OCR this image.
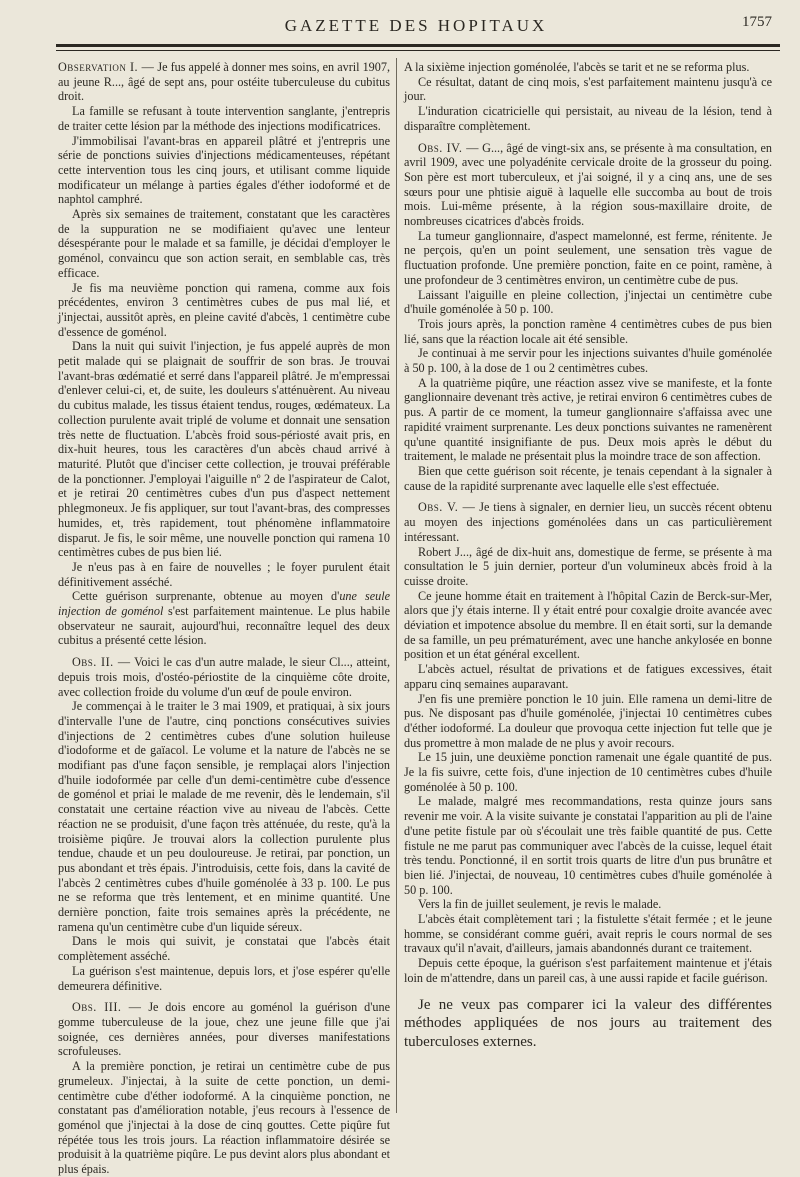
GAZETTE DES HOPITAUX	1757

Observation I. — Je fus appelé à donner mes soins, en avril 1907, au jeune R..., âgé de sept ans, pour ostéite tuberculeuse du cubitus droit.

La famille se refusant à toute intervention sanglante, j'entrepris de traiter cette lésion par la méthode des injections modificatrices.

J'immobilisai l'avant-bras en appareil plâtré et j'entrepris une série de ponctions suivies d'injections médicamenteuses, répétant cette intervention tous les cinq jours, et utilisant comme liquide modificateur un mélange à parties égales d'éther iodoformé et de naphtol camphré.

Après six semaines de traitement, constatant que les caractères de la suppuration ne se modifiaient qu'avec une lenteur désespérante pour le malade et sa famille, je décidai d'employer le goménol, convaincu que son action serait, en semblable cas, très efficace.

Je fis ma neuvième ponction qui ramena, comme aux fois précédentes, environ 3 centimètres cubes de pus mal lié, et j'injectai, aussitôt après, en pleine cavité d'abcès, 1 centimètre cube d'essence de goménol.

Dans la nuit qui suivit l'injection, je fus appelé auprès de mon petit malade qui se plaignait de souffrir de son bras. Je trouvai l'avant-bras œdématié et serré dans l'appareil plâtré. Je m'empressai d'enlever celui-ci, et, de suite, les douleurs s'atténuèrent. Au niveau du cubitus malade, les tissus étaient tendus, rouges, œdémateux. La collection purulente avait triplé de volume et donnait une sensation très nette de fluctuation. L'abcès froid sous-périosté avait pris, en dix-huit heures, tous les caractères d'un abcès chaud arrivé à maturité. Plutôt que d'inciser cette collection, je trouvai préférable de la ponctionner. J'employai l'aiguille nº 2 de l'aspirateur de Calot, et je retirai 20 centimètres cubes d'un pus d'aspect nettement phlegmoneux. Je fis appliquer, sur tout l'avant-bras, des compresses humides, et, très rapidement, tout phénomène inflammatoire disparut. Je fis, le soir même, une nouvelle ponction qui ramena 10 centimètres cubes de pus bien lié.

Je n'eus pas à en faire de nouvelles ; le foyer purulent était définitivement asséché.

Cette guérison surprenante, obtenue au moyen d'une seule injection de goménol s'est parfaitement maintenue. Le plus habile observateur ne saurait, aujourd'hui, reconnaître lequel des deux cubitus a présenté cette lésion.

Obs. II. — Voici le cas d'un autre malade, le sieur Cl..., atteint, depuis trois mois, d'ostéo-périostite de la cinquième côte droite, avec collection froide du volume d'un œuf de poule environ.

Je commençai à le traiter le 3 mai 1909, et pratiquai, à six jours d'intervalle l'une de l'autre, cinq ponctions consécutives suivies d'injections de 2 centimètres cubes d'une solution huileuse d'iodoforme et de gaïacol. Le volume et la nature de l'abcès ne se modifiant pas d'une façon sensible, je remplaçai alors l'injection d'huile iodoformée par celle d'un demi-centimètre cube d'essence de goménol et priai le malade de me revenir, dès le lendemain, s'il constatait une certaine réaction vive au niveau de l'abcès. Cette réaction ne se produisit, d'une façon très atténuée, du reste, qu'à la troisième piqûre. Je trouvai alors la collection purulente plus tendue, chaude et un peu douloureuse. Je retirai, par ponction, un pus abondant et très épais. J'introduisis, cette fois, dans la cavité de l'abcès 2 centimètres cubes d'huile goménolée à 33 p. 100. Le pus ne se reforma que très lentement, et en minime quantité. Une dernière ponction, faite trois semaines après la précédente, ne ramena qu'un centimètre cube d'un liquide séreux.

Dans le mois qui suivit, je constatai que l'abcès était complètement asséché.

La guérison s'est maintenue, depuis lors, et j'ose espérer qu'elle demeurera définitive.

Obs. III. — Je dois encore au goménol la guérison d'une gomme tuberculeuse de la joue, chez une jeune fille que j'ai soignée, ces dernières années, pour diverses manifestations scrofuleuses.

A la première ponction, je retirai un centimètre cube de pus grumeleux. J'injectai, à la suite de cette ponction, un demi-centimètre cube d'éther iodoformé. A la cinquième ponction, ne constatant pas d'amélioration notable, j'eus recours à l'essence de goménol que j'injectai à la dose de cinq gouttes. Cette piqûre fut répétée tous les trois jours. La réaction inflammatoire désirée se produisit à la quatrième piqûre. Le pus devint alors plus abondant et plus épais.

A la sixième injection goménolée, l'abcès se tarit et ne se reforma plus.

Ce résultat, datant de cinq mois, s'est parfaitement maintenu jusqu'à ce jour.

L'induration cicatricielle qui persistait, au niveau de la lésion, tend à disparaître complètement.

Obs. IV. — G..., âgé de vingt-six ans, se présente à ma consultation, en avril 1909, avec une polyadénite cervicale droite de la grosseur du poing. Son père est mort tuberculeux, et j'ai soigné, il y a cinq ans, une de ses sœurs pour une phtisie aiguë à laquelle elle succomba au bout de trois mois. Lui-même présente, à la région sous-maxillaire droite, de nombreuses cicatrices d'abcès froids.

La tumeur ganglionnaire, d'aspect mamelonné, est ferme, rénitente. Je ne perçois, qu'en un point seulement, une sensation très vague de fluctuation profonde. Une première ponction, faite en ce point, ramène, à une profondeur de 3 centimètres environ, un centimètre cube de pus.

Laissant l'aiguille en pleine collection, j'injectai un centimètre cube d'huile goménolée à 50 p. 100.

Trois jours après, la ponction ramène 4 centimètres cubes de pus bien lié, sans que la réaction locale ait été sensible.

Je continuai à me servir pour les injections suivantes d'huile goménolée à 50 p. 100, à la dose de 1 ou 2 centimètres cubes.

A la quatrième piqûre, une réaction assez vive se manifeste, et la fonte ganglionnaire devenant très active, je retirai environ 6 centimètres cubes de pus. A partir de ce moment, la tumeur ganglionnaire s'affaissa avec une rapidité vraiment surprenante. Les deux ponctions suivantes ne ramenèrent qu'une quantité insignifiante de pus. Deux mois après le début du traitement, le malade ne présentait plus la moindre trace de son affection.

Bien que cette guérison soit récente, je tenais cependant à la signaler à cause de la rapidité surprenante avec laquelle elle s'est effectuée.

Obs. V. — Je tiens à signaler, en dernier lieu, un succès récent obtenu au moyen des injections goménolées dans un cas particulièrement intéressant.

Robert J..., âgé de dix-huit ans, domestique de ferme, se présente à ma consultation le 5 juin dernier, porteur d'un volumineux abcès froid à la cuisse droite.

Ce jeune homme était en traitement à l'hôpital Cazin de Berck-sur-Mer, alors que j'y étais interne. Il y était entré pour coxalgie droite avancée avec déviation et impotence absolue du membre. Il en était sorti, sur la demande de sa famille, un peu prématurément, avec une hanche ankylosée en bonne position et un état général excellent.

L'abcès actuel, résultat de privations et de fatigues excessives, était apparu cinq semaines auparavant.

J'en fis une première ponction le 10 juin. Elle ramena un demi-litre de pus. Ne disposant pas d'huile goménolée, j'injectai 10 centimètres cubes d'éther iodoformé. La douleur que provoqua cette injection fut telle que je dus promettre à mon malade de ne plus y avoir recours.

Le 15 juin, une deuxième ponction ramenait une égale quantité de pus. Je la fis suivre, cette fois, d'une injection de 10 centimètres cubes d'huile goménolée à 50 p. 100.

Le malade, malgré mes recommandations, resta quinze jours sans revenir me voir. A la visite suivante je constatai l'apparition au pli de l'aine d'une petite fistule par où s'écoulait une très faible quantité de pus. Cette fistule ne me parut pas communiquer avec l'abcès de la cuisse, lequel était très tendu. Ponctionné, il en sortit trois quarts de litre d'un pus brunâtre et bien lié. J'injectai, de nouveau, 10 centimètres cubes d'huile goménolée à 50 p. 100.

Vers la fin de juillet seulement, je revis le malade.

L'abcès était complètement tari ; la fistulette s'était fermée ; et le jeune homme, se considérant comme guéri, avait repris le cours normal de ses travaux qu'il n'avait, d'ailleurs, jamais abandonnés durant ce traitement.

Depuis cette époque, la guérison s'est parfaitement maintenue et j'étais loin de m'attendre, dans un pareil cas, à une aussi rapide et facile guérison.

Je ne veux pas comparer ici la valeur des différentes méthodes appliquées de nos jours au traitement des tuberculoses externes.
